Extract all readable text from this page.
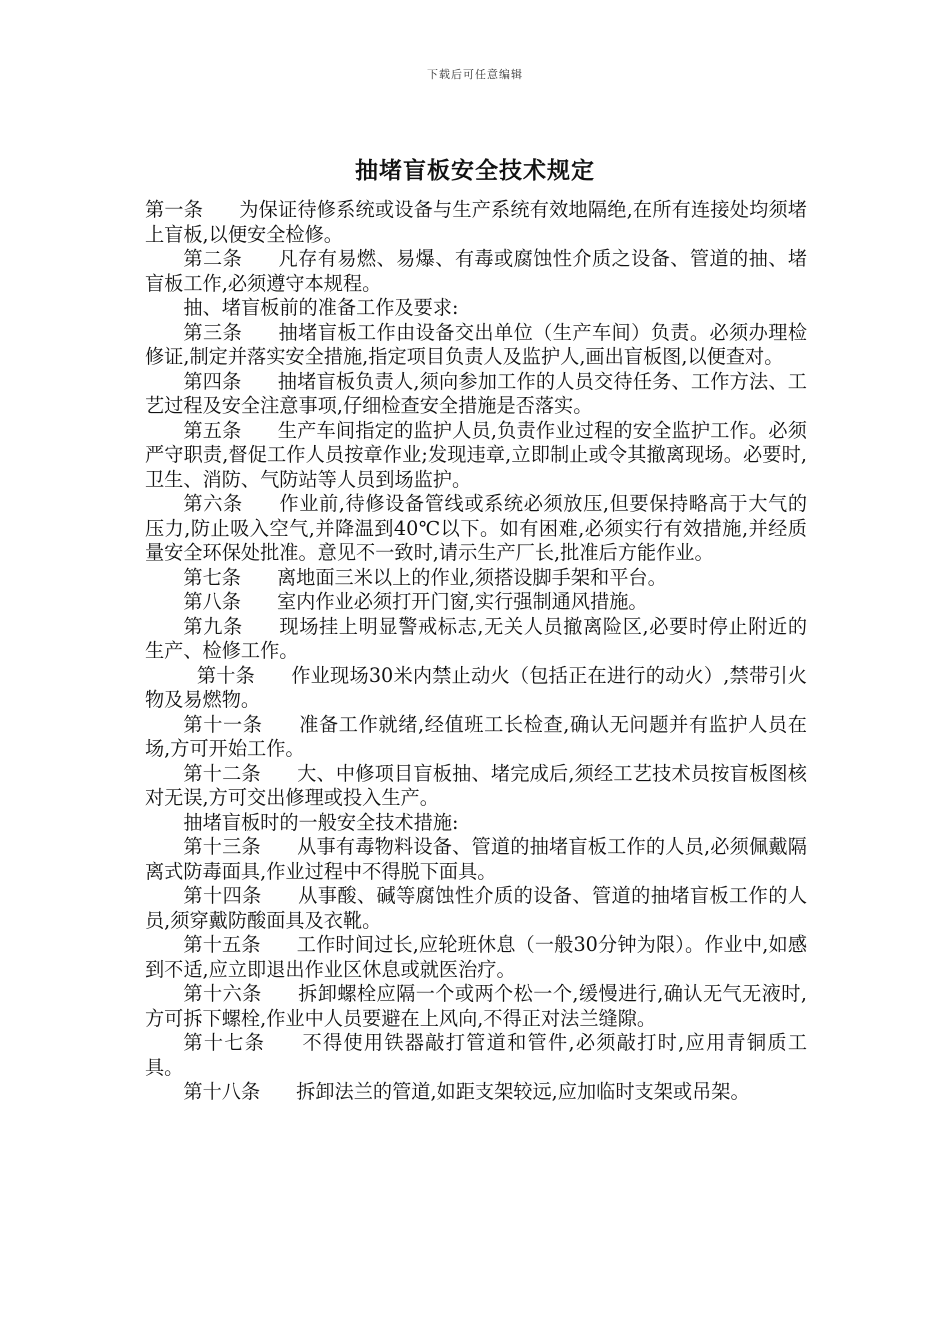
下载后可任意编辑
抽堵盲板安全技术规定

第一条 为保证待修系统或设备与生产系统有效地隔绝,在所有连接处均须堵上盲板,以便安全检修。

第二条 凡存有易燃、易爆、有毒或腐蚀性介质之设备、管道的抽、堵盲板工作,必须遵守本规程。

抽、堵盲板前的准备工作及要求:

第三条 抽堵盲板工作由设备交出单位（生产车间）负责。必须办理检修证,制定并落实安全措施,指定项目负责人及监护人,画出盲板图,以便查对。

第四条 抽堵盲板负责人,须向参加工作的人员交待任务、工作方法、工艺过程及安全注意事项,仔细检查安全措施是否落实。

第五条 生产车间指定的监护人员,负责作业过程的安全监护工作。必须严守职责,督促工作人员按章作业;发现违章,立即制止或令其撤离现场。必要时,卫生、消防、气防站等人员到场监护。

第六条 作业前,待修设备管线或系统必须放压,但要保持略高于大气的压力,防止吸入空气,并降温到40℃以下。如有困难,必须实行有效措施,并经质量安全环保处批准。意见不一致时,请示生产厂长,批准后方能作业。

第七条 离地面三米以上的作业,须搭设脚手架和平台。

第八条 室内作业必须打开门窗,实行强制通风措施。

第九条 现场挂上明显警戒标志,无关人员撤离险区,必要时停止附近的生产、检修工作。

第十条 作业现场30米内禁止动火（包括正在进行的动火）,禁带引火物及易燃物。

第十一条 准备工作就绪,经值班工长检查,确认无问题并有监护人员在场,方可开始工作。

第十二条 大、中修项目盲板抽、堵完成后,须经工艺技术员按盲板图核对无误,方可交出修理或投入生产。

抽堵盲板时的一般安全技术措施:

第十三条 从事有毒物料设备、管道的抽堵盲板工作的人员,必须佩戴隔离式防毒面具,作业过程中不得脱下面具。

第十四条 从事酸、碱等腐蚀性介质的设备、管道的抽堵盲板工作的人员,须穿戴防酸面具及衣靴。

第十五条 工作时间过长,应轮班休息（一般30分钟为限）。作业中,如感到不适,应立即退出作业区休息或就医治疗。

第十六条 拆卸螺栓应隔一个或两个松一个,缓慢进行,确认无气无液时,方可拆下螺栓,作业中人员要避在上风向,不得正对法兰缝隙。

第十七条 不得使用铁器敲打管道和管件,必须敲打时,应用青铜质工具。

第十八条 拆卸法兰的管道,如距支架较远,应加临时支架或吊架。
